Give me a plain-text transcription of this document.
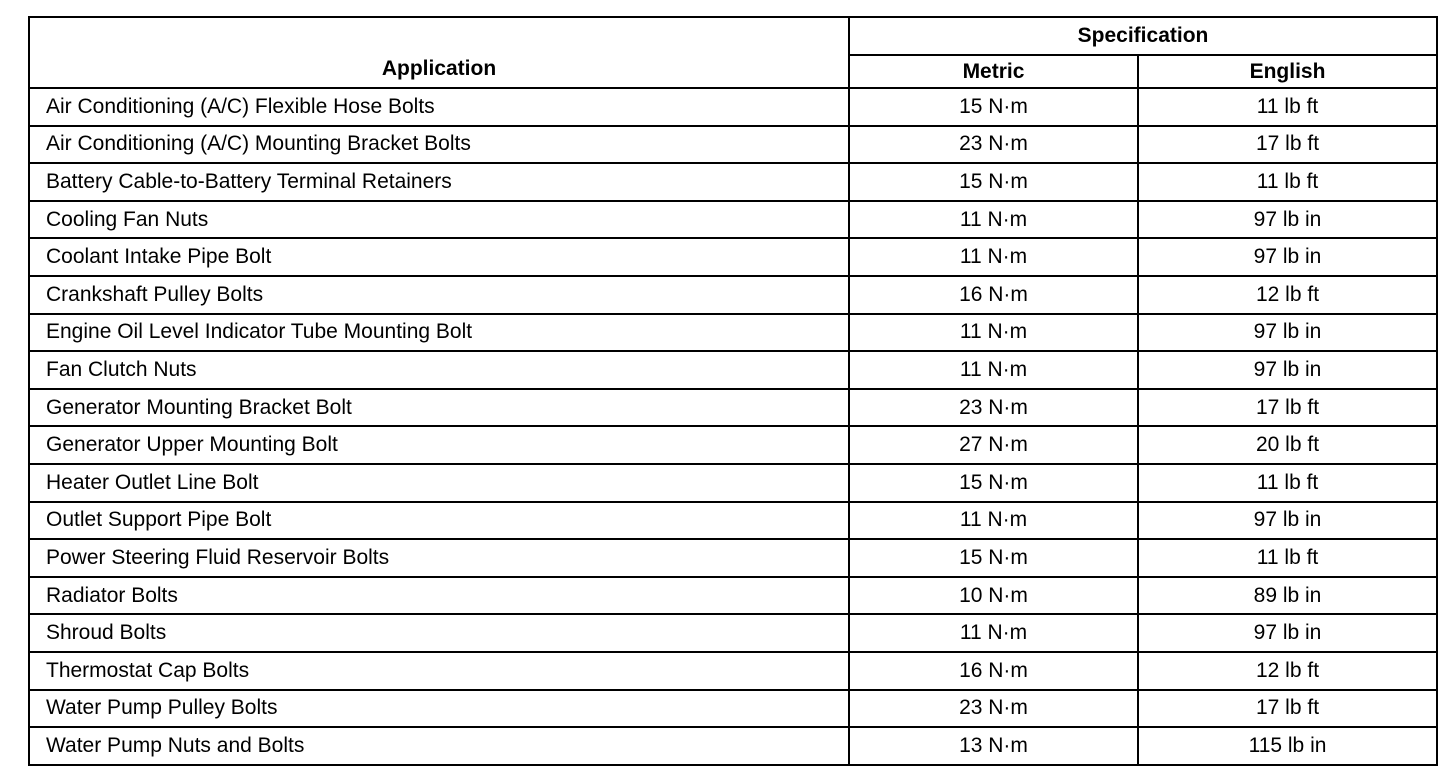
Application	Specification	
	Metric	English
Air Conditioning (A/C) Flexible Hose Bolts	15 N·m	11 lb ft
Air Conditioning (A/C) Mounting Bracket Bolts	23 N·m	17 lb ft
Battery Cable-to-Battery Terminal Retainers	15 N·m	11 lb ft
Cooling Fan Nuts	11 N·m	97 lb in
Coolant Intake Pipe Bolt	11 N·m	97 lb in
Crankshaft Pulley Bolts	16 N·m	12 lb ft
Engine Oil Level Indicator Tube Mounting Bolt	11 N·m	97 lb in
Fan Clutch Nuts	11 N·m	97 lb in
Generator Mounting Bracket Bolt	23 N·m	17 lb ft
Generator Upper Mounting Bolt	27 N·m	20 lb ft
Heater Outlet Line Bolt	15 N·m	11 lb ft
Outlet Support Pipe Bolt	11 N·m	97 lb in
Power Steering Fluid Reservoir Bolts	15 N·m	11 lb ft
Radiator Bolts	10 N·m	89 lb in
Shroud Bolts	11 N·m	97 lb in
Thermostat Cap Bolts	16 N·m	12 lb ft
Water Pump Pulley Bolts	23 N·m	17 lb ft
Water Pump Nuts and Bolts	13 N·m	115 lb in
